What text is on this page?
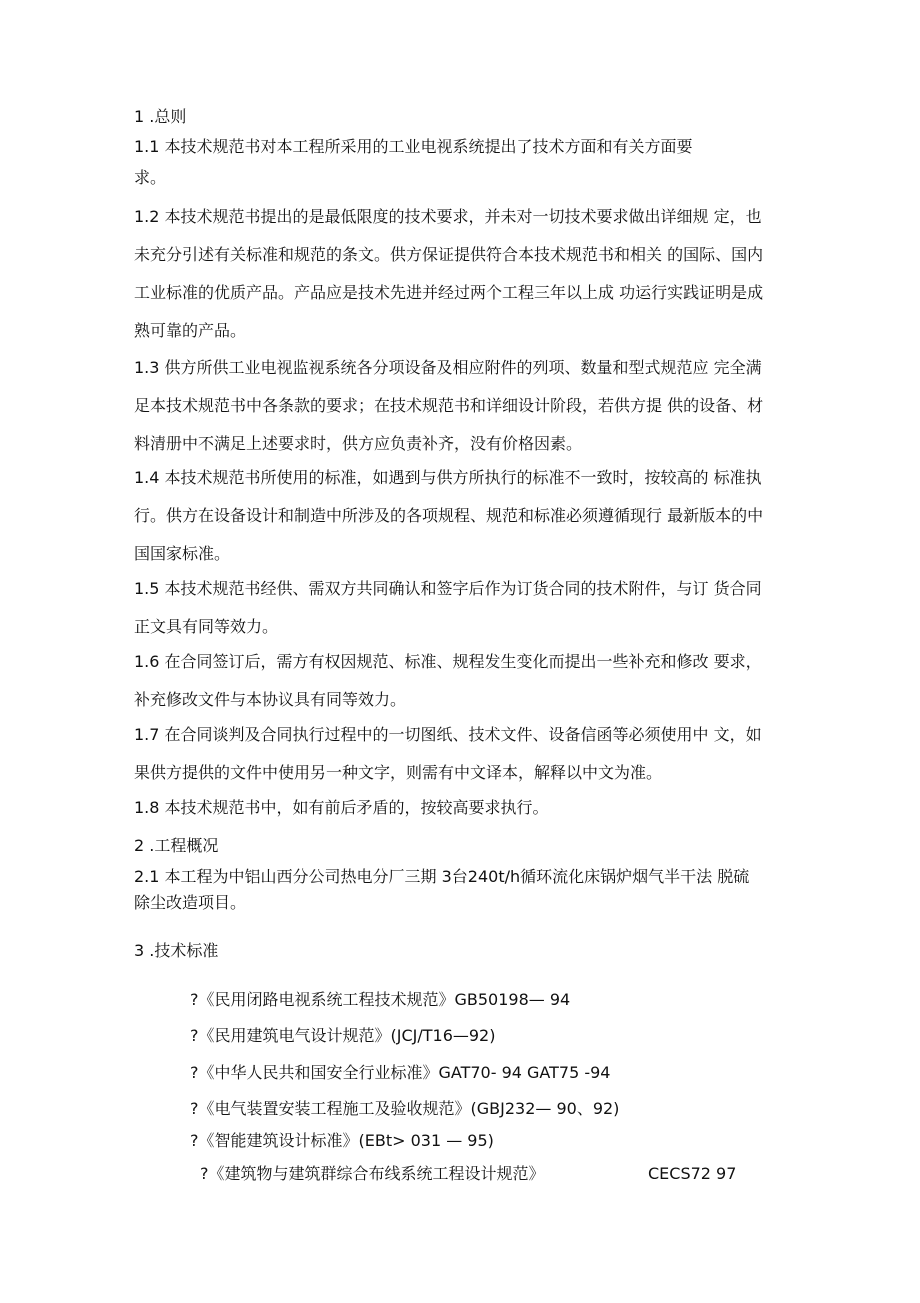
1 .总则
1.1 本技术规范书对本工程所采用的工业电视系统提出了技术方面和有关方面要
求。
1.2 本技术规范书提出的是最低限度的技术要求，并未对一切技术要求做出详细规 定，也
未充分引述有关标准和规范的条文。供方保证提供符合本技术规范书和相关 的国际、国内
工业标准的优质产品。产品应是技术先进并经过两个工程三年以上成 功运行实践证明是成
熟可靠的产品。
1.3 供方所供工业电视监视系统各分项设备及相应附件的列项、数量和型式规范应 完全满
足本技术规范书中各条款的要求；在技术规范书和详细设计阶段，若供方提 供的设备、材
料清册中不满足上述要求时，供方应负责补齐，没有价格因素。
1.4 本技术规范书所使用的标准，如遇到与供方所执行的标准不一致时，按较高的 标准执
行。供方在设备设计和制造中所涉及的各项规程、规范和标准必须遵循现行 最新版本的中
国国家标准。
1.5 本技术规范书经供、需双方共同确认和签字后作为订货合同的技术附件，与订 货合同
正文具有同等效力。
1.6 在合同签订后，需方有权因规范、标准、规程发生变化而提出一些补充和修改 要求，
补充修改文件与本协议具有同等效力。
1.7 在合同谈判及合同执行过程中的一切图纸、技术文件、设备信函等必须使用中 文，如
果供方提供的文件中使用另一种文字，则需有中文译本，解释以中文为准。
1.8 本技术规范书中，如有前后矛盾的，按较高要求执行。
2 .工程概况
2.1 本工程为中铝山西分公司热电分厂三期 3台240t/h循环流化床锅炉烟气半干法 脱硫
除尘改造项目。
3 .技术标准
?《民用闭路电视系统工程技术规范》GB50198— 94
?《民用建筑电气设计规范》(JCJ/T16—92)
?《中华人民共和国安全行业标准》GAT70- 94 GAT75 -94
?《电气装置安装工程施工及验收规范》(GBJ232— 90、92)
?《智能建筑设计标准》(EBt> 031 — 95)
?《建筑物与建筑群综合布线系统工程设计规范》	CECS72 97
